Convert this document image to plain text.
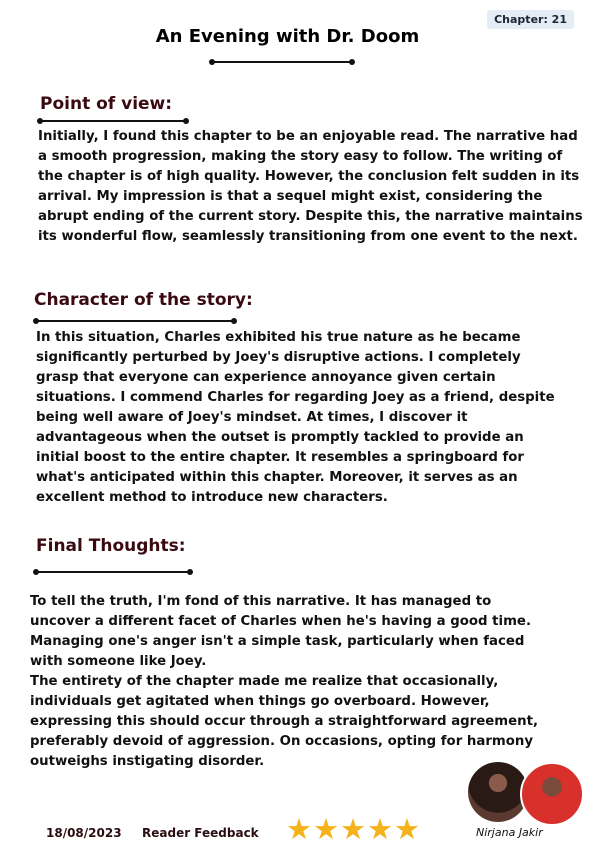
Chapter: 21
An Evening with Dr. Doom
Point of view:

Initially, I found this chapter to be an enjoyable read. The narrative had a smooth progression, making the story easy to follow. The writing of the chapter is of high quality. However, the conclusion felt sudden in its arrival. My impression is that a sequel might exist, considering the abrupt ending of the current story. Despite this, the narrative maintains its wonderful flow, seamlessly transitioning from one event to the next.

Character of the story:

In this situation, Charles exhibited his true nature as he became significantly perturbed by Joey's disruptive actions. I completely grasp that everyone can experience annoyance given certain situations. I commend Charles for regarding Joey as a friend, despite being well aware of Joey's mindset. At times, I discover it advantageous when the outset is promptly tackled to provide an initial boost to the entire chapter. It resembles a springboard for what's anticipated within this chapter. Moreover, it serves as an excellent method to introduce new characters.

Final Thoughts:

To tell the truth, I'm fond of this narrative. It has managed to uncover a different facet of Charles when he's having a good time. Managing one's anger isn't a simple task, particularly when faced with someone like Joey.

The entirety of the chapter made me realize that occasionally, individuals get agitated when things go overboard. However, expressing this should occur through a straightforward agreement, preferably devoid of aggression. On occasions, opting for harmony outweighs instigating disorder.

Nirjana Jakir
18/08/2023 Reader Feedback ★ ★ ★ ★ ★
